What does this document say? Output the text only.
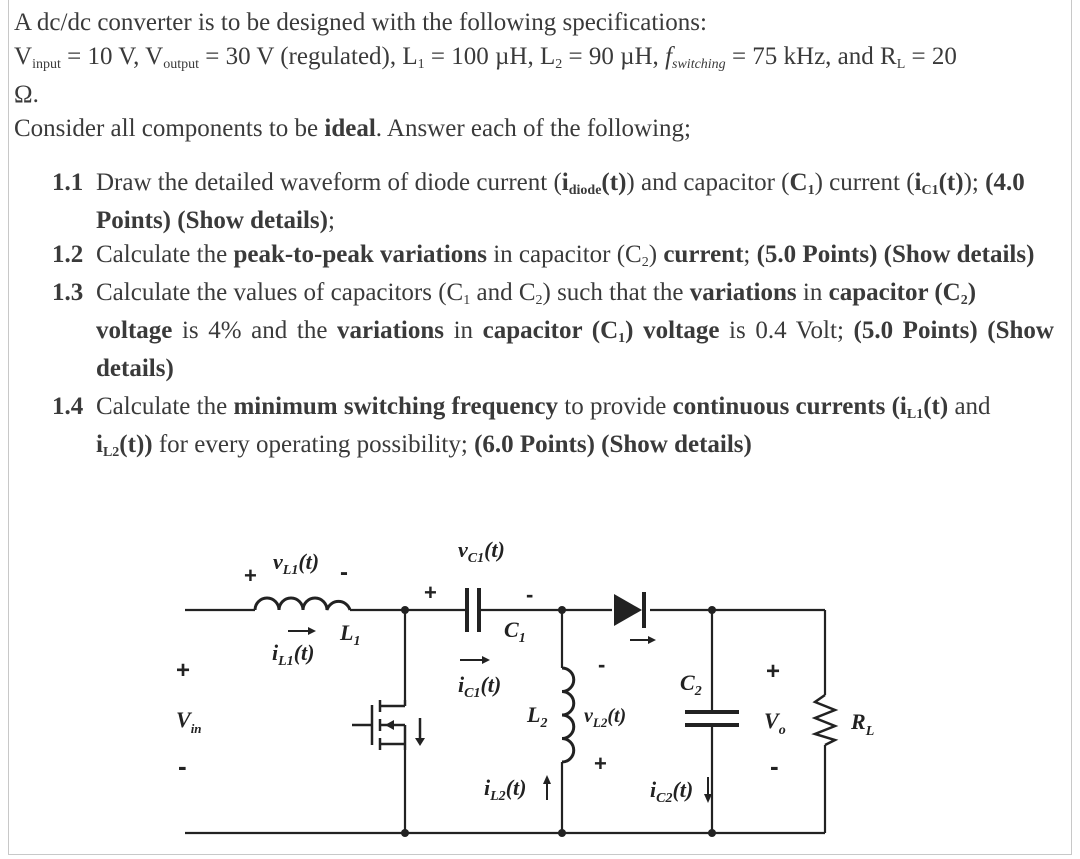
A dc/dc converter is to be designed with the following specifications:

Vinput = 10 V, Voutput = 30 V (regulated), L1 = 100 µH, L2 = 90 µH, fswitching = 75 kHz, and RL = 20

Ω.

Consider all components to be ideal. Answer each of the following;

1.1 Draw the detailed waveform of diode current (idiode(t)) and capacitor (C1) current (iC1(t)); (4.0
Points) (Show details);

1.2 Calculate the peak-to-peak variations in capacitor (C2) current; (5.0 Points) (Show details)

1.3 Calculate the values of capacitors (C1 and C2) such that the variations in capacitor (C2)
voltage is 4% and the variations in capacitor (C1) voltage is 0.4 Volt; (5.0 Points) (Show details)

1.4 Calculate the minimum switching frequency to provide continuous currents (iL1(t) and
iL2(t)) for every operating possibility; (6.0 Points) (Show details)

+
$v_{L1}(t)$ -
$L_1$
$i_{L1}(t)$
+
$v_{C1}(t)$
-
$C_1$
$i_{C1}(t)$
$L_2$
-
$v_{L2}(t)$
+
$i_{L2}(t)$
$C_2$
$i_{C2}(t)$
+
$V_{in}$
-
+
$V_o$
-
$R_L$
